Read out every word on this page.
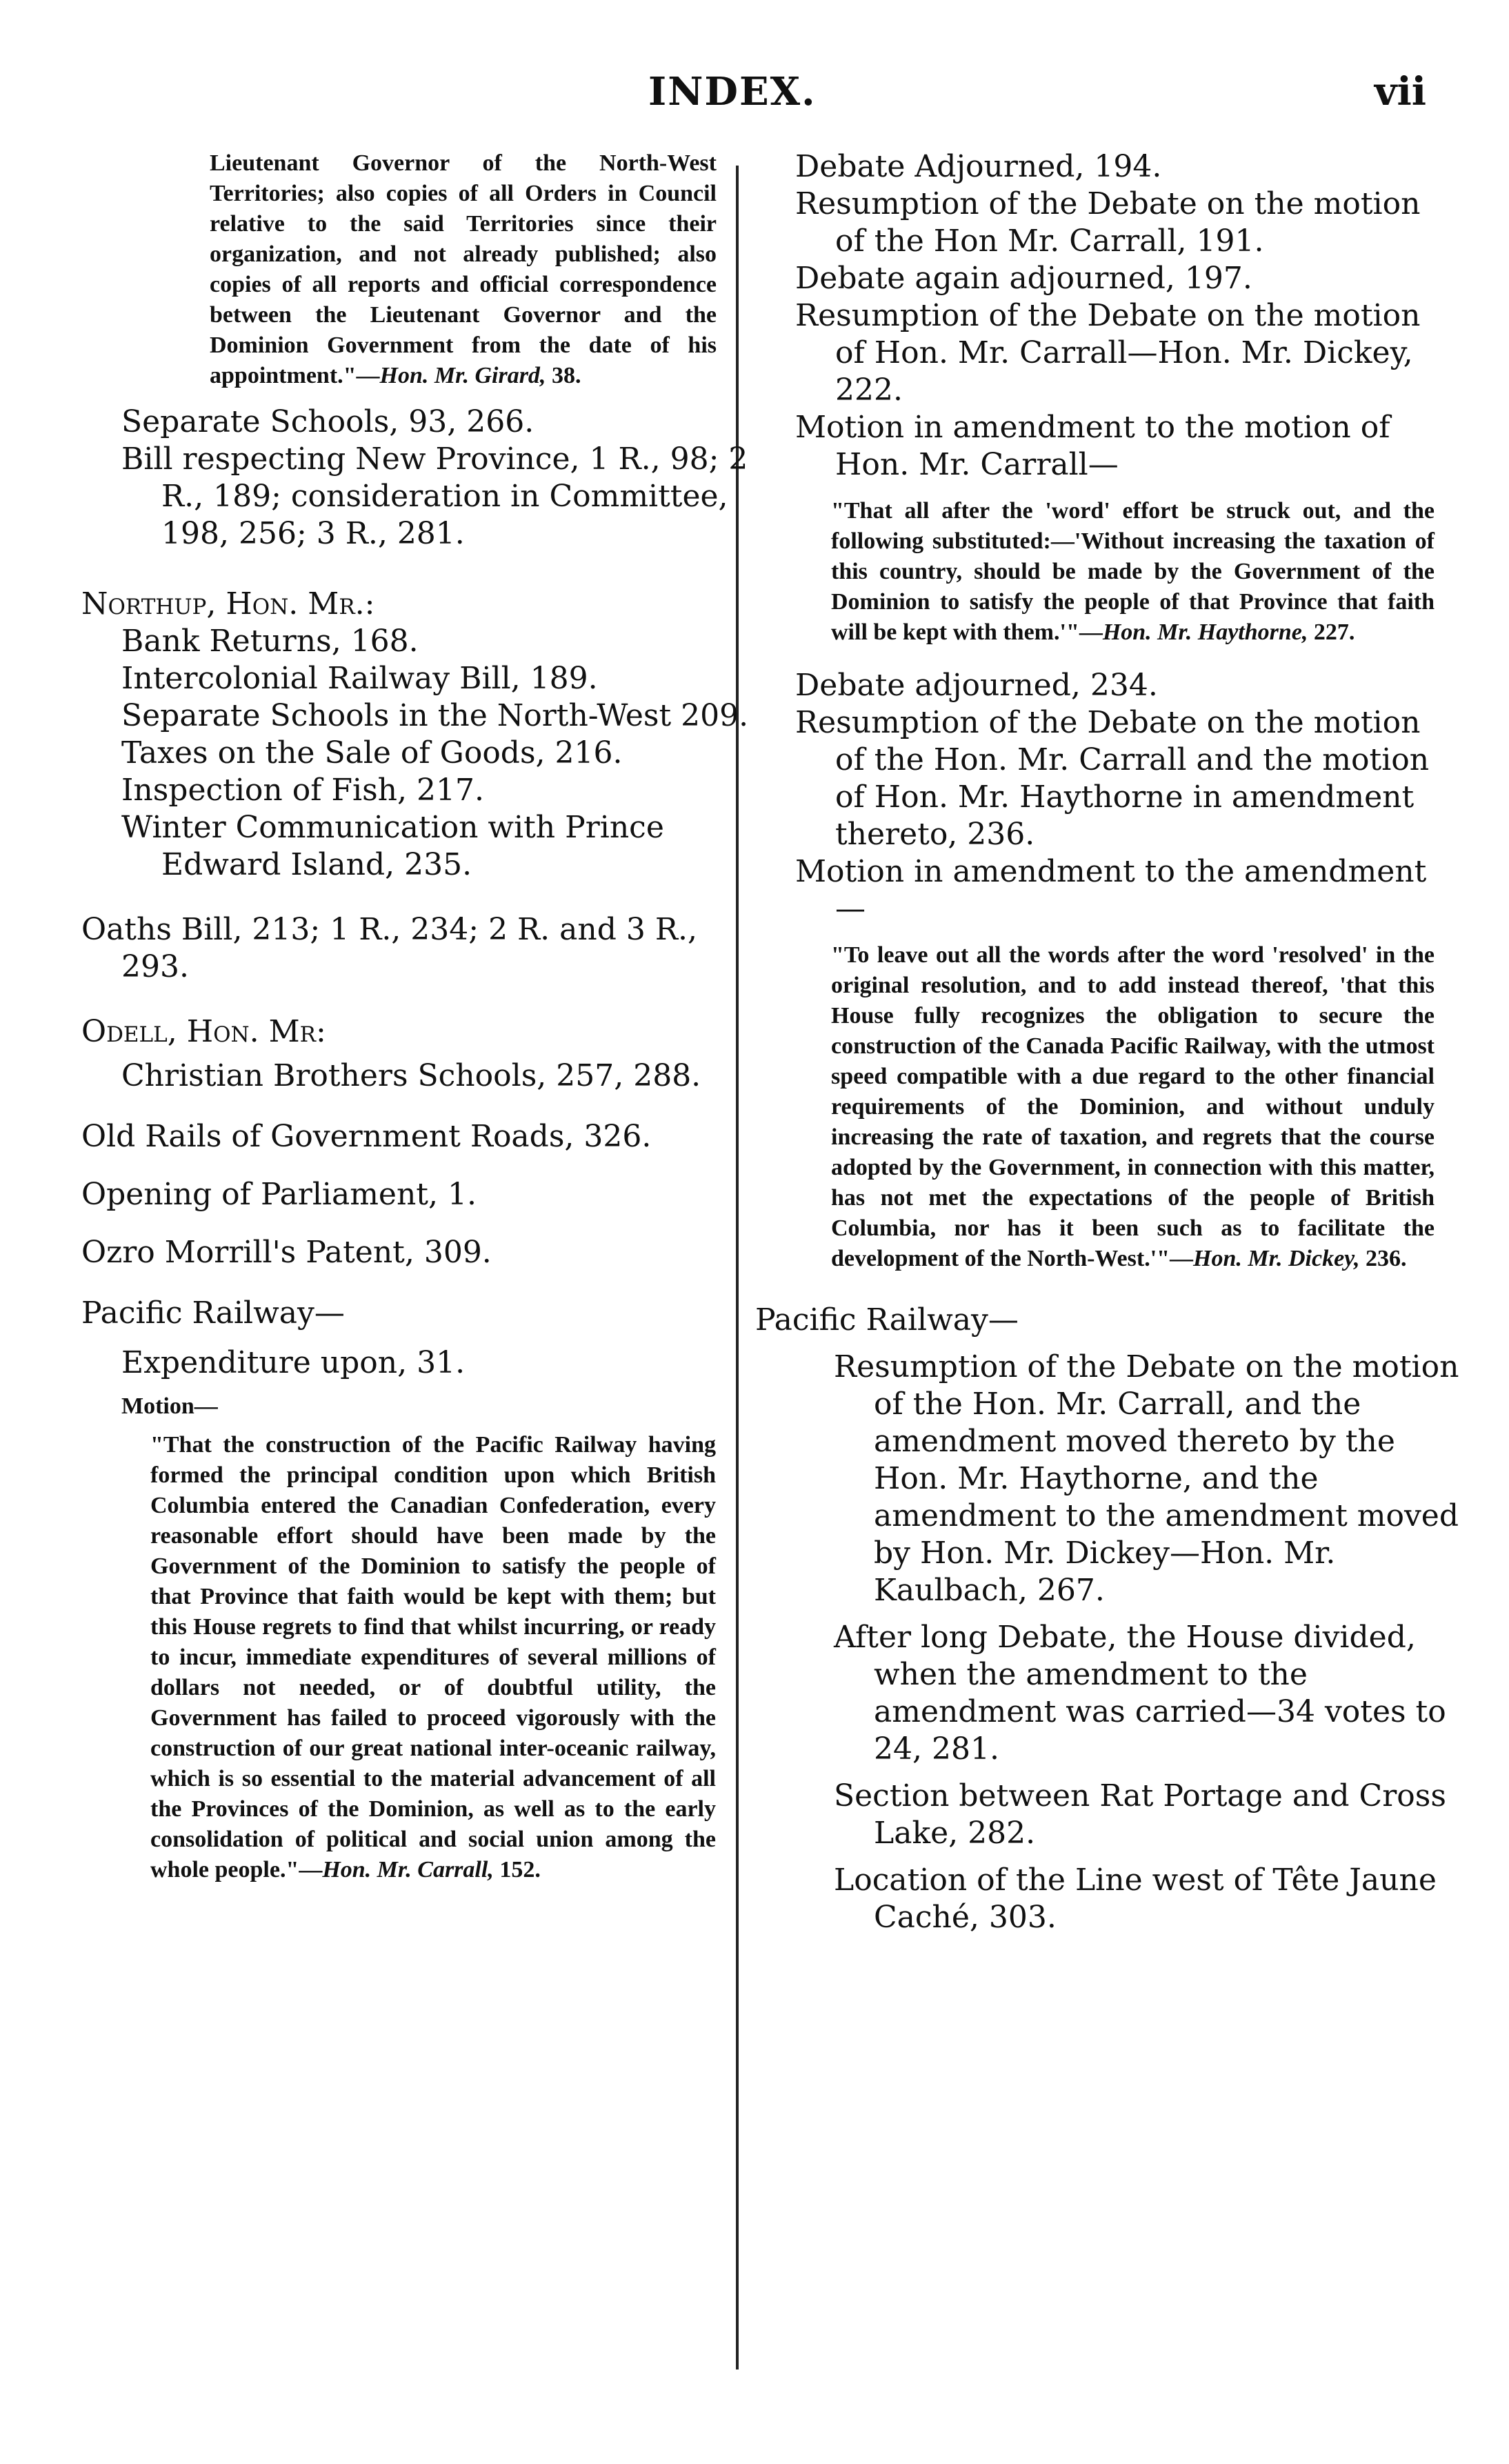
INDEX.	vii

Lieutenant Governor of the North-West Territories; also copies of all Orders in Council relative to the said Territories since their organization, and not already published; also copies of all reports and official correspondence between the Lieutenant Governor and the Dominion Government from the date of his appointment."—Hon. Mr. Girard, 38.

Separate Schools, 93, 266.

Bill respecting New Province, 1 R., 98; 2 R., 189; consideration in Committee, 198, 256; 3 R., 281.

Northup, Hon. Mr.:

Bank Returns, 168.

Intercolonial Railway Bill, 189.

Separate Schools in the North-West 209.

Taxes on the Sale of Goods, 216.

Inspection of Fish, 217.

Winter Communication with Prince Edward Island, 235.

Oaths Bill, 213; 1 R., 234; 2 R. and 3 R., 293.

Odell, Hon. Mr:

Christian Brothers Schools, 257, 288.

Old Rails of Government Roads, 326.

Opening of Parliament, 1.

Ozro Morrill's Patent, 309.

Pacific Railway—

Expenditure upon, 31.

Motion—

"That the construction of the Pacific Railway having formed the principal condition upon which British Columbia entered the Canadian Confederation, every reasonable effort should have been made by the Government of the Dominion to satisfy the people of that Province that faith would be kept with them; but this House regrets to find that whilst incurring, or ready to incur, immediate expenditures of several millions of dollars not needed, or of doubtful utility, the Government has failed to proceed vigorously with the construction of our great national inter-oceanic railway, which is so essential to the material advancement of all the Provinces of the Dominion, as well as to the early consolidation of political and social union among the whole people."—Hon. Mr. Carrall, 152.

Debate Adjourned, 194.

Resumption of the Debate on the motion of the Hon Mr. Carrall, 191.

Debate again adjourned, 197.

Resumption of the Debate on the motion of Hon. Mr. Carrall—Hon. Mr. Dickey, 222.

Motion in amendment to the motion of Hon. Mr. Carrall—

"That all after the 'word' effort be struck out, and the following substituted:—'Without increasing the taxation of this country, should be made by the Government of the Dominion to satisfy the people of that Province that faith will be kept with them.'"—Hon. Mr. Haythorne, 227.

Debate adjourned, 234.

Resumption of the Debate on the motion of the Hon. Mr. Carrall and the motion of Hon. Mr. Haythorne in amendment thereto, 236.

Motion in amendment to the amendment—

"To leave out all the words after the word 'resolved' in the original resolution, and to add instead thereof, 'that this House fully recognizes the obligation to secure the construction of the Canada Pacific Railway, with the utmost speed compatible with a due regard to the other financial requirements of the Dominion, and without unduly increasing the rate of taxation, and regrets that the course adopted by the Government, in connection with this matter, has not met the expectations of the people of British Columbia, nor has it been such as to facilitate the development of the North-West.'"—Hon. Mr. Dickey, 236.

Pacific Railway—

Resumption of the Debate on the motion of the Hon. Mr. Carrall, and the amendment moved thereto by the Hon. Mr. Haythorne, and the amendment to the amendment moved by Hon. Mr. Dickey—Hon. Mr. Kaulbach, 267.

After long Debate, the House divided, when the amendment to the amendment was carried—34 votes to 24, 281.

Section between Rat Portage and Cross Lake, 282.

Location of the Line west of Tête Jaune Caché, 303.
